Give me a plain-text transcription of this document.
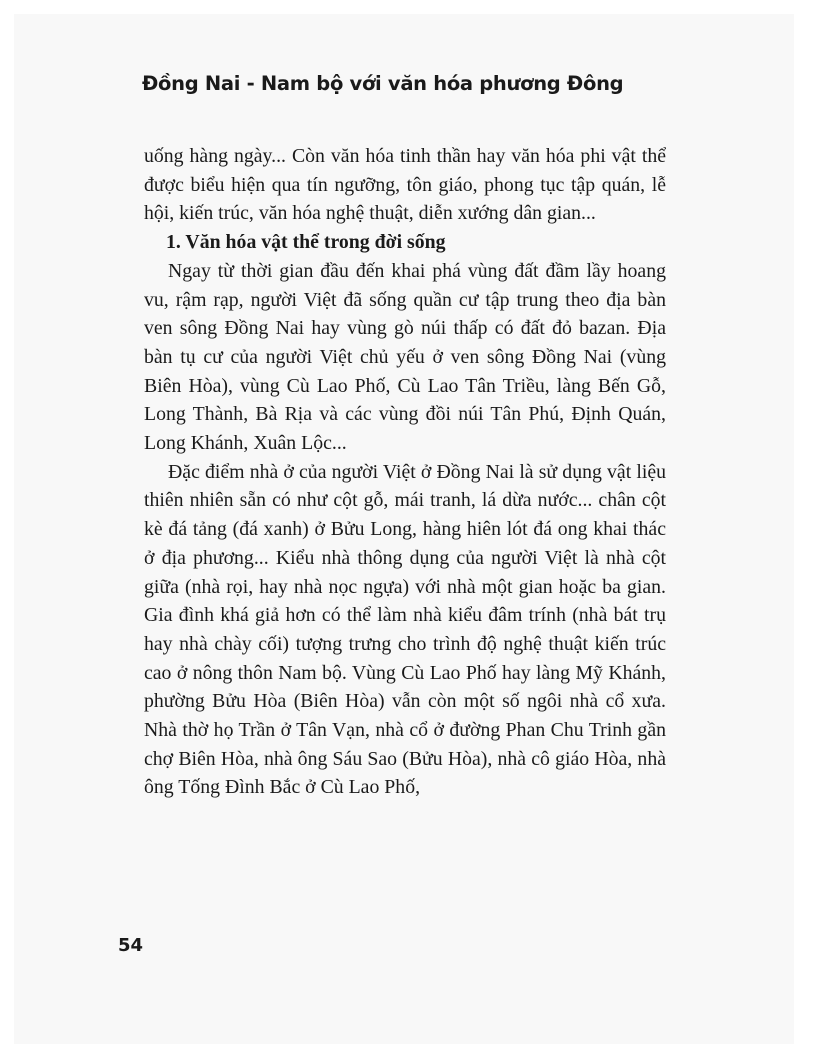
Đồng Nai - Nam bộ với văn hóa phương Đông

uống hàng ngày... Còn văn hóa tinh thần hay văn hóa phi vật thể được biểu hiện qua tín ngưỡng, tôn giáo, phong tục tập quán, lễ hội, kiến trúc, văn hóa nghệ thuật, diễn xướng dân gian...

1. Văn hóa vật thể trong đời sống

Ngay từ thời gian đầu đến khai phá vùng đất đầm lầy hoang vu, rậm rạp, người Việt đã sống quần cư tập trung theo địa bàn ven sông Đồng Nai hay vùng gò núi thấp có đất đỏ bazan. Địa bàn tụ cư của người Việt chủ yếu ở ven sông Đồng Nai (vùng Biên Hòa), vùng Cù Lao Phố, Cù Lao Tân Triều, làng Bến Gỗ, Long Thành, Bà Rịa và các vùng đồi núi Tân Phú, Định Quán, Long Khánh, Xuân Lộc...

Đặc điểm nhà ở của người Việt ở Đồng Nai là sử dụng vật liệu thiên nhiên sẵn có như cột gỗ, mái tranh, lá dừa nước... chân cột kè đá tảng (đá xanh) ở Bửu Long, hàng hiên lót đá ong khai thác ở địa phương... Kiểu nhà thông dụng của người Việt là nhà cột giữa (nhà rọi, hay nhà nọc ngựa) với nhà một gian hoặc ba gian. Gia đình khá giả hơn có thể làm nhà kiểu đâm trính (nhà bát trụ hay nhà chày cối) tượng trưng cho trình độ nghệ thuật kiến trúc cao ở nông thôn Nam bộ. Vùng Cù Lao Phố hay làng Mỹ Khánh, phường Bửu Hòa (Biên Hòa) vẫn còn một số ngôi nhà cổ xưa. Nhà thờ họ Trần ở Tân Vạn, nhà cổ ở đường Phan Chu Trinh gần chợ Biên Hòa, nhà ông Sáu Sao (Bửu Hòa), nhà cô giáo Hòa, nhà ông Tống Đình Bắc ở Cù Lao Phố,

54
